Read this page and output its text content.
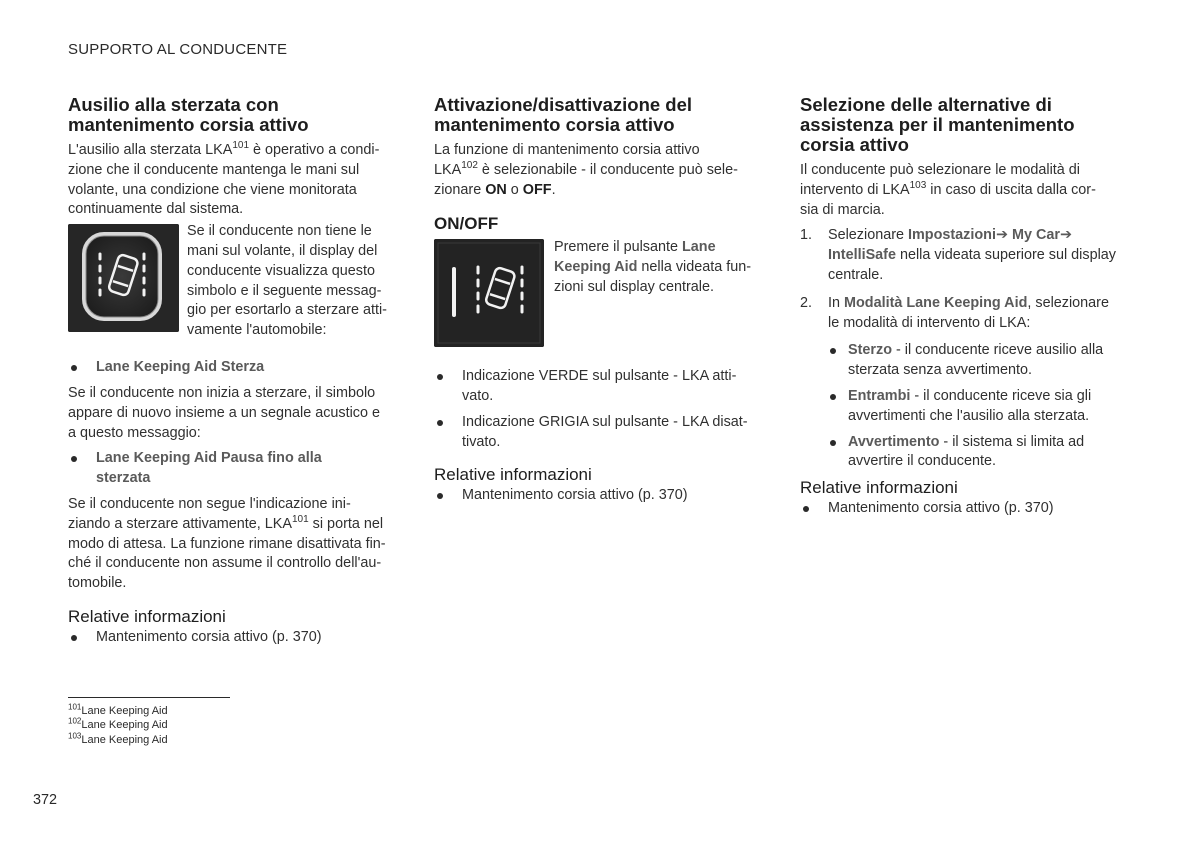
SUPPORTO AL CONDUCENTE
Ausilio alla sterzata con
mantenimento corsia attivo

L'ausilio alla sterzata LKA$^{101}$ è operativo a condi-
zione che il conducente mantenga le mani sul
volante, una condizione che viene monitorata
continuamente dal sistema.

Se il conducente non tiene le
mani sul volante, il display del
conducente visualizza questo
simbolo e il seguente messag-
gio per esortarlo a sterzare atti-
vamente l'automobile:

Lane Keeping Aid Sterza

Se il conducente non inizia a sterzare, il simbolo
appare di nuovo insieme a un segnale acustico e
a questo messaggio:

Lane Keeping Aid Pausa fino alla
sterzata

Se il conducente non segue l'indicazione ini-
ziando a sterzare attivamente, LKA$^{101}$ si porta nel
modo di attesa. La funzione rimane disattivata fin-
ché il conducente non assume il controllo dell'au-
tomobile.

Relative informazioni
Mantenimento corsia attivo (p. 370)
Attivazione/disattivazione del
mantenimento corsia attivo

La funzione di mantenimento corsia attivo
LKA$^{102}$ è selezionabile - il conducente può sele-
zionare ON o OFF.

ON/OFF

Premere il pulsante Lane
Keeping Aid nella videata fun-
zioni sul display centrale.

Indicazione VERDE sul pulsante - LKA atti-
vato.
Indicazione GRIGIA sul pulsante - LKA disat-
tivato.
Relative informazioni
Mantenimento corsia attivo (p. 370)
Selezione delle alternative di
assistenza per il mantenimento
corsia attivo

Il conducente può selezionare le modalità di
intervento di LKA$^{103}$ in caso di uscita dalla cor-
sia di marcia.

1. Selezionare Impostazioni➔ My Car➔
IntelliSafe nella videata superiore sul display
centrale.
2. In Modalità Lane Keeping Aid, selezionare
le modalità di intervento di LKA:
Sterzo - il conducente riceve ausilio alla
sterzata senza avvertimento.
Entrambi - il conducente riceve sia gli
avvertimenti che l'ausilio alla sterzata.
Avvertimento - il sistema si limita ad
avvertire il conducente.
Relative informazioni
Mantenimento corsia attivo (p. 370)
$^{101}$Lane Keeping Aid
$^{102}$Lane Keeping Aid
$^{103}$Lane Keeping Aid
372
